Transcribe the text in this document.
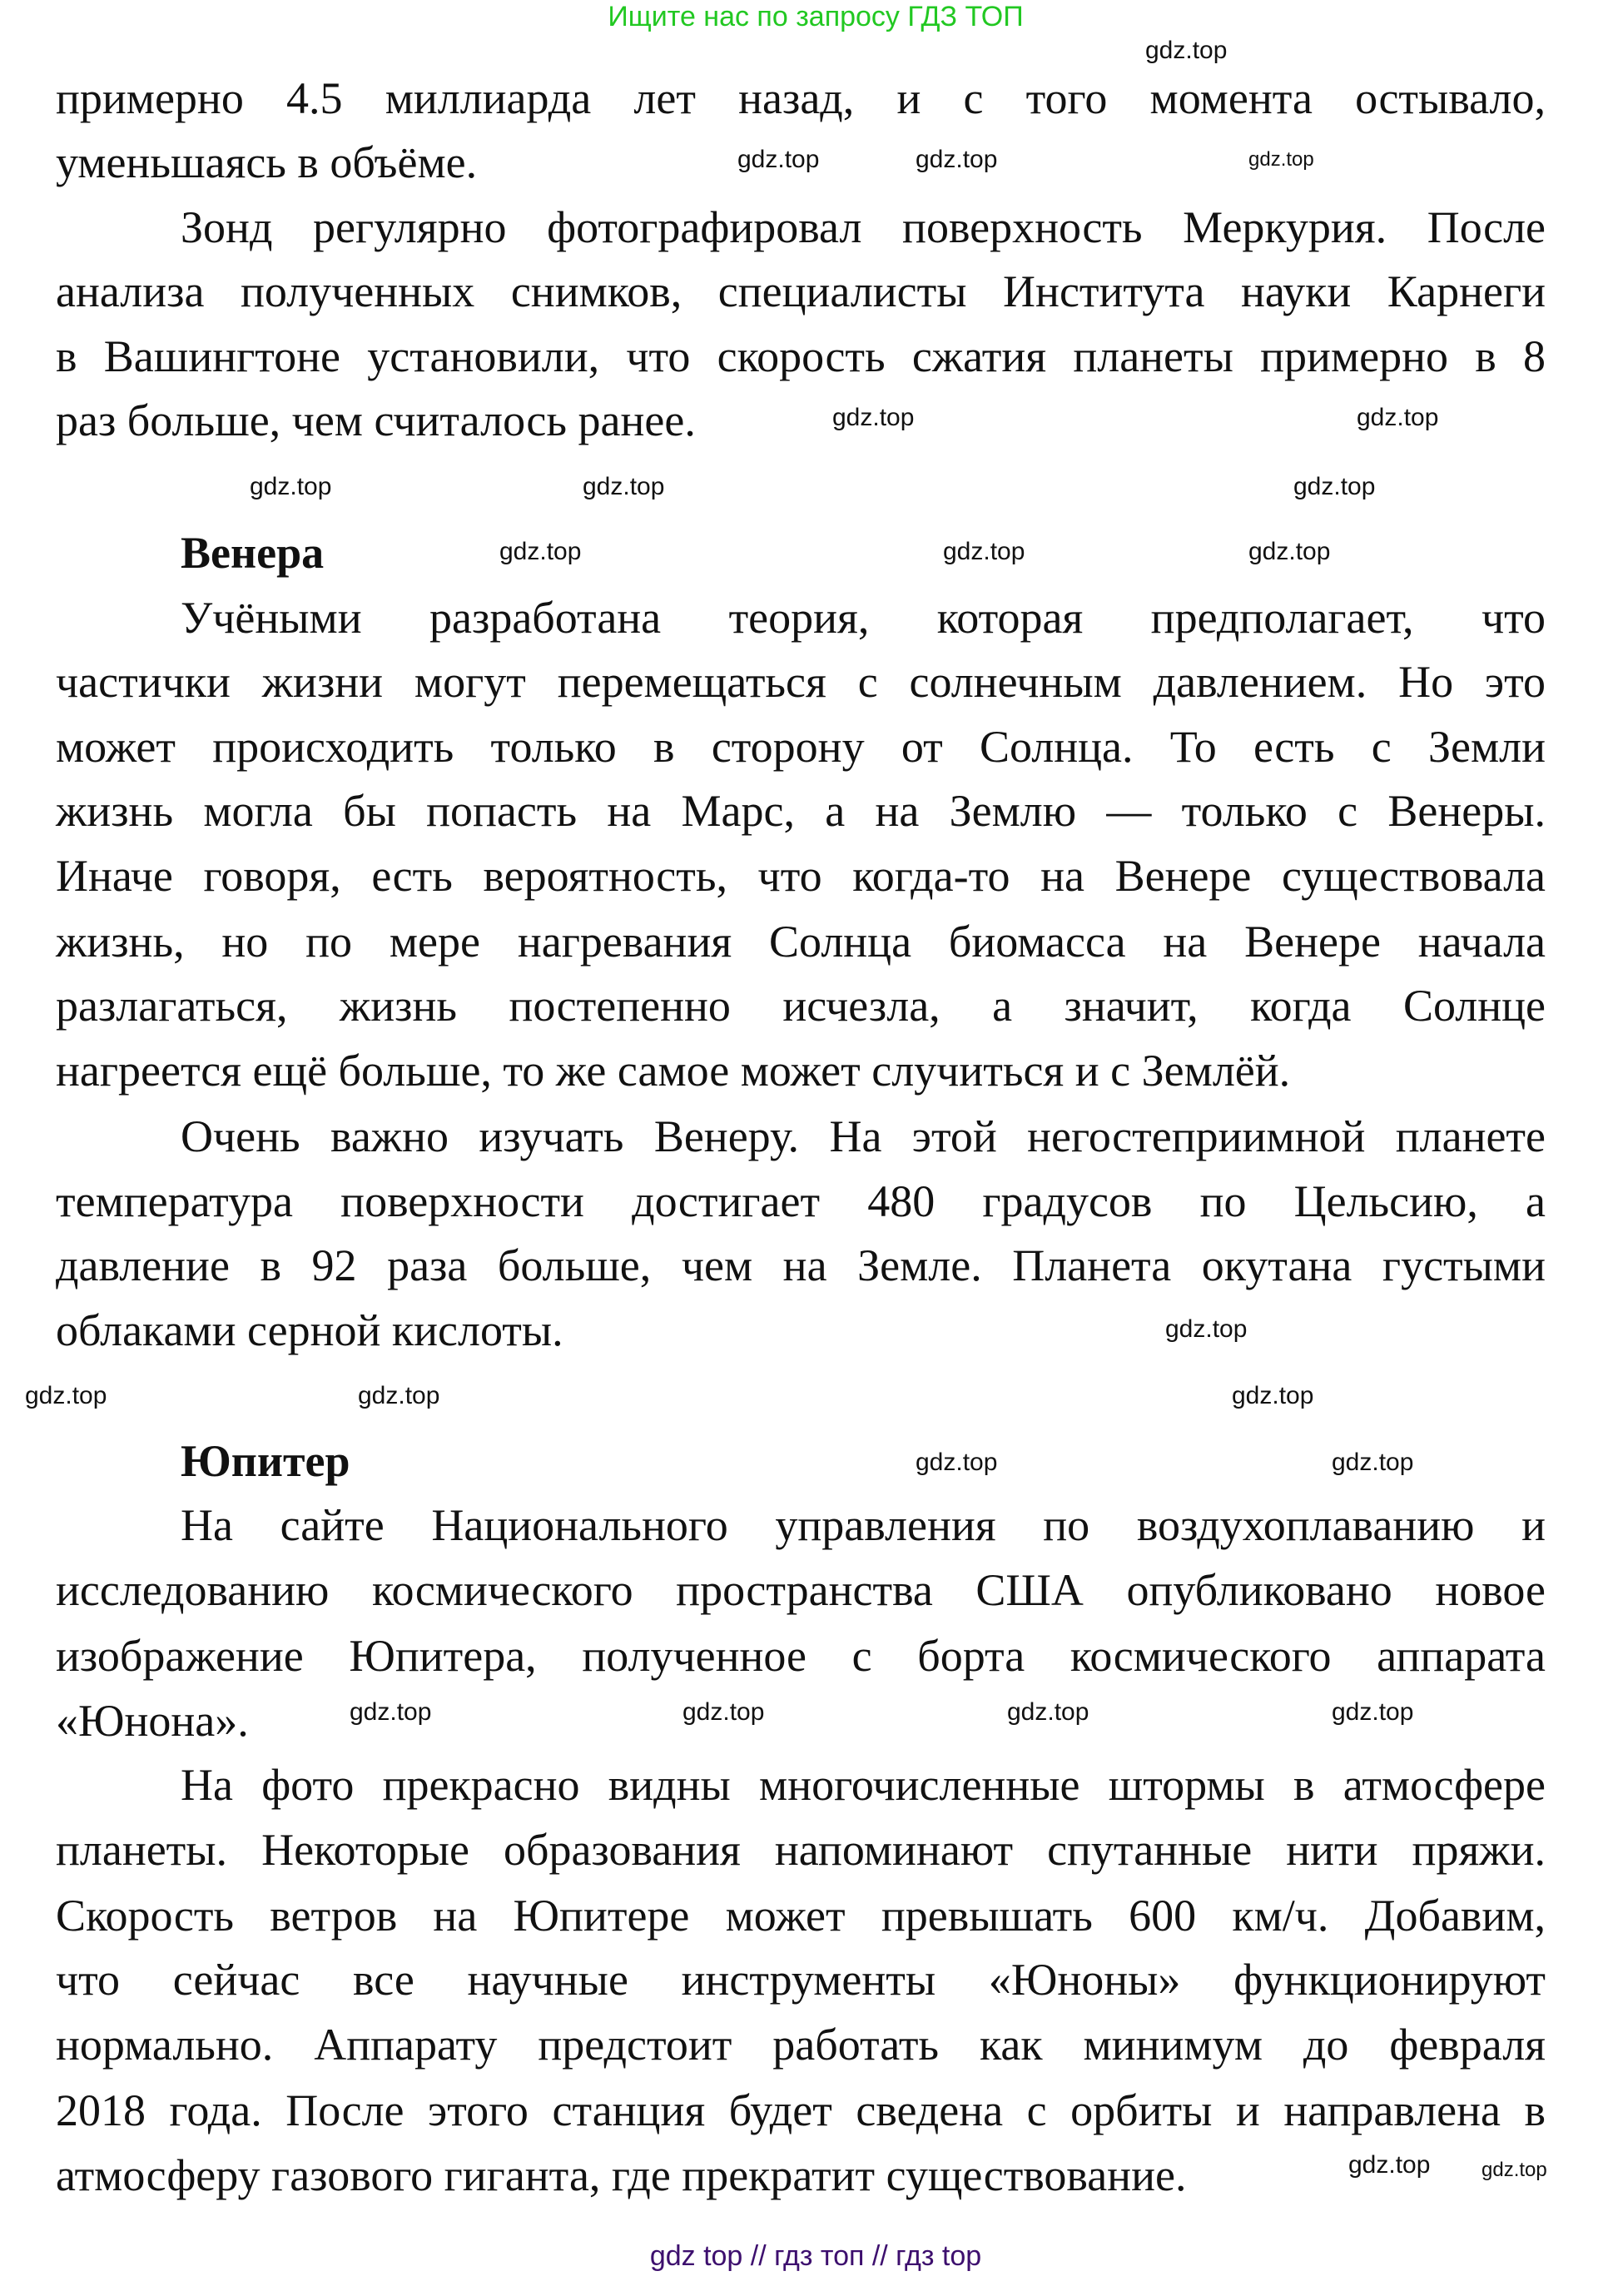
Ищите нас по запросу ГДЗ ТОП
примерно 4.5 миллиарда лет назад, и с того момента остывало,
уменьшаясь в объёме.
Зонд регулярно фотографировал поверхность Меркурия. После
анализа полученных снимков, специалисты Института науки Карнеги
в Вашингтоне установили, что скорость сжатия планеты примерно в 8
раз больше, чем считалось ранее.
Венера
Учёными разработана теория, которая предполагает, что
частички жизни могут перемещаться с солнечным давлением. Но это
может происходить только в сторону от Солнца. То есть с Земли
жизнь могла бы попасть на Марс, а на Землю — только с Венеры.
Иначе говоря, есть вероятность, что когда-то на Венере существовала
жизнь, но по мере нагревания Солнца биомасса на Венере начала
разлагаться, жизнь постепенно исчезла, а значит, когда Солнце
нагреется ещё больше, то же самое может случиться и с Землёй.
Очень важно изучать Венеру. На этой негостеприимной планете
температура поверхности достигает 480 градусов по Цельсию, а
давление в 92 раза больше, чем на Земле. Планета окутана густыми
облаками серной кислоты.
Юпитер
На сайте Национального управления по воздухоплаванию и
исследованию космического пространства США опубликовано новое
изображение Юпитера, полученное с борта космического аппарата
«Юнона».
На фото прекрасно видны многочисленные штормы в атмосфере
планеты. Некоторые образования напоминают спутанные нити пряжи.
Скорость ветров на Юпитере может превышать 600 км/ч. Добавим,
что сейчас все научные инструменты «Юноны» функционируют
нормально. Аппарату предстоит работать как минимум до февраля
2018 года. После этого станция будет сведена с орбиты и направлена в
атмосферу газового гиганта, где прекратит существование.
gdz.top
gdz.top	gdz.top	gdz.top
gdz.top	gdz.top
gdz.top
gdz.top
gdz.top
gdz.top
gdz.top	gdz.top
gdz.top
gdz.top
gdz.top
gdz.top
gdz.top	gdz.top
gdz.top
gdz.top
gdz.top
gdz.top
gdz.top
gdz.top
gdz top // гдз топ // гдз top
